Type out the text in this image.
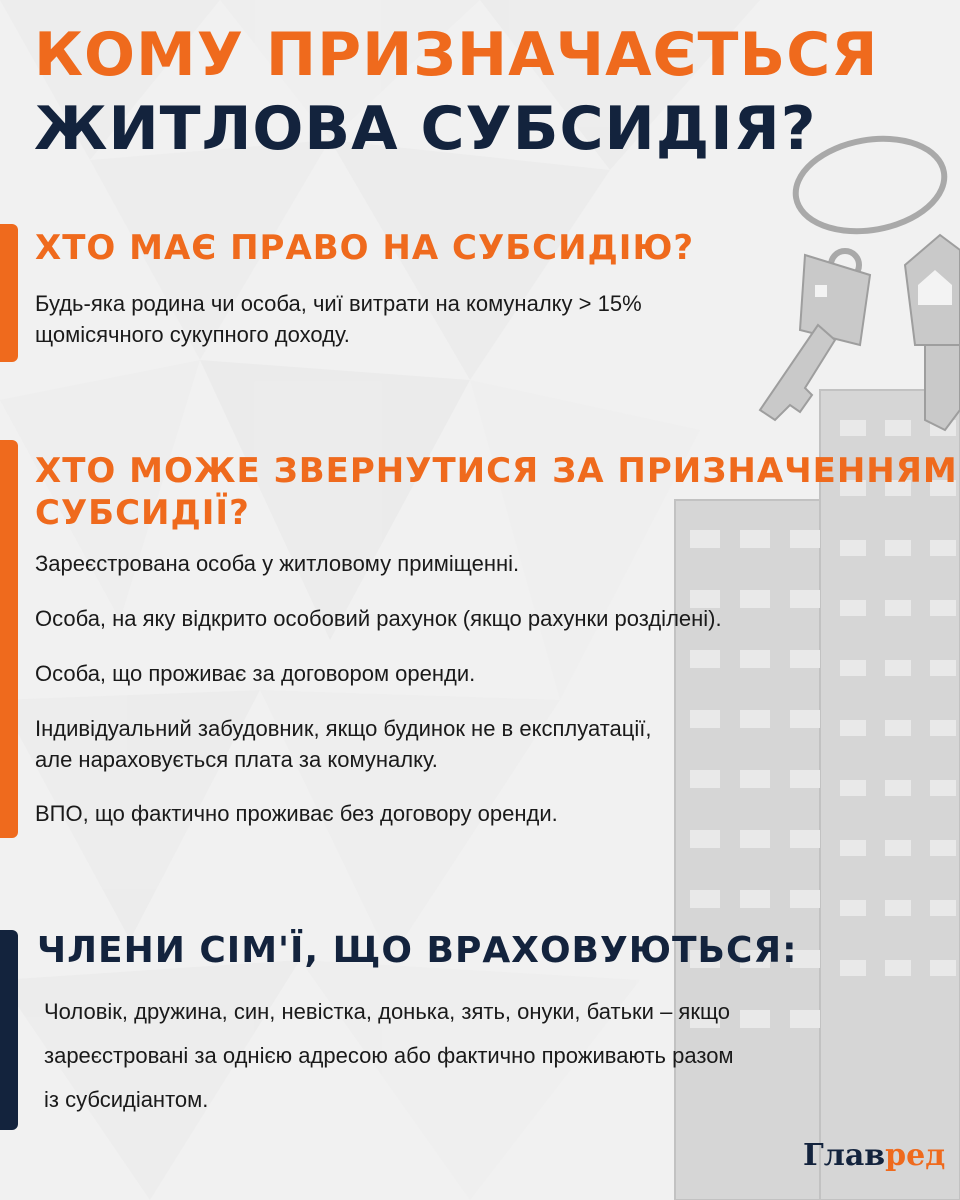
КОМУ ПРИЗНАЧАЄТЬСЯ
ЖИТЛОВА СУБСИДІЯ?
ХТО МАЄ ПРАВО НА СУБСИДІЮ?
Будь-яка родина чи особа, чиї витрати на комуналку > 15%
щомісячного сукупного доходу.
ХТО МОЖЕ ЗВЕРНУТИСЯ ЗА ПРИЗНАЧЕННЯМ
СУБСИДІЇ?
Зареєстрована особа у житловому приміщенні.
Особа, на яку відкрито особовий рахунок (якщо рахунки розділені).
Особа, що проживає за договором оренди.
Індивідуальний забудовник, якщо будинок не в експлуатації,
але нараховується плата за комуналку.
ВПО, що фактично проживає без договору оренди.
ЧЛЕНИ СІМ'Ї, ЩО ВРАХОВУЮТЬСЯ:
Чоловік, дружина, син, невістка, донька, зять, онуки, батьки – якщо
зареєстровані за однією адресою або фактично проживають разом
із субсидіантом.
Главред
